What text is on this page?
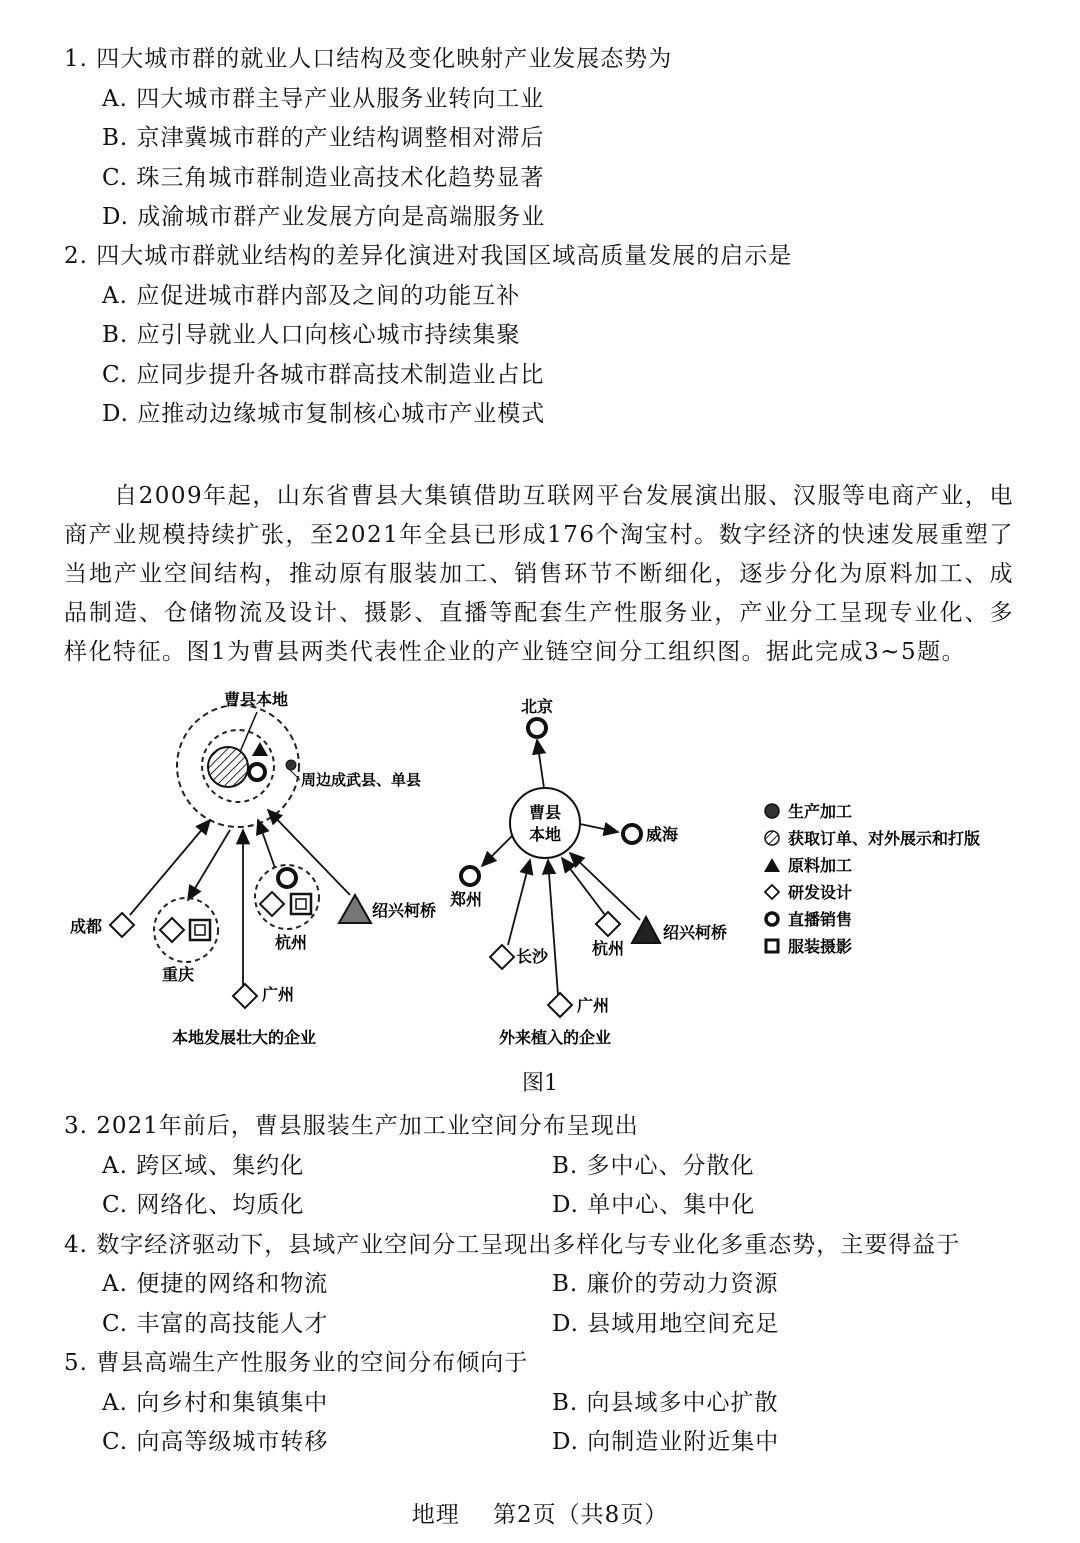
1. 四大城市群的就业人口结构及变化映射产业发展态势为
A. 四大城市群主导产业从服务业转向工业
B. 京津冀城市群的产业结构调整相对滞后
C. 珠三角城市群制造业高技术化趋势显著
D. 成渝城市群产业发展方向是高端服务业
2. 四大城市群就业结构的差异化演进对我国区域高质量发展的启示是
A. 应促进城市群内部及之间的功能互补
B. 应引导就业人口向核心城市持续集聚
C. 应同步提升各城市群高技术制造业占比
D. 应推动边缘城市复制核心城市产业模式
自2009年起，山东省曹县大集镇借助互联网平台发展演出服、汉服等电商产业，电商产业规模持续扩张，至2021年全县已形成176个淘宝村。数字经济的快速发展重塑了当地产业空间结构，推动原有服装加工、销售环节不断细化，逐步分化为原料加工、成品制造、仓储物流及设计、摄影、直播等配套生产性服务业，产业分工呈现专业化、多样化特征。图1为曹县两类代表性企业的产业链空间分工组织图。据此完成3~5题。
曹县本地
周边成武县、单县
成都
重庆
杭州
绍兴柯桥
广州
本地发展壮大的企业
曹县
本地
北京
威海
郑州
长沙	杭州
绍兴柯桥
广州
外来植入的企业
生产加工
获取订单、对外展示和打版
原料加工
研发设计
直播销售
服装摄影
图1
3. 2021年前后，曹县服装生产加工业空间分布呈现出
A. 跨区域、集约化	B. 多中心、分散化
C. 网络化、均质化	D. 单中心、集中化
4. 数字经济驱动下，县域产业空间分工呈现出多样化与专业化多重态势，主要得益于
A. 便捷的网络和物流	B. 廉价的劳动力资源
C. 丰富的高技能人才	D. 县域用地空间充足
5. 曹县高端生产性服务业的空间分布倾向于
A. 向乡村和集镇集中	B. 向县域多中心扩散
C. 向高等级城市转移	D. 向制造业附近集中
地理    第2页（共8页）
